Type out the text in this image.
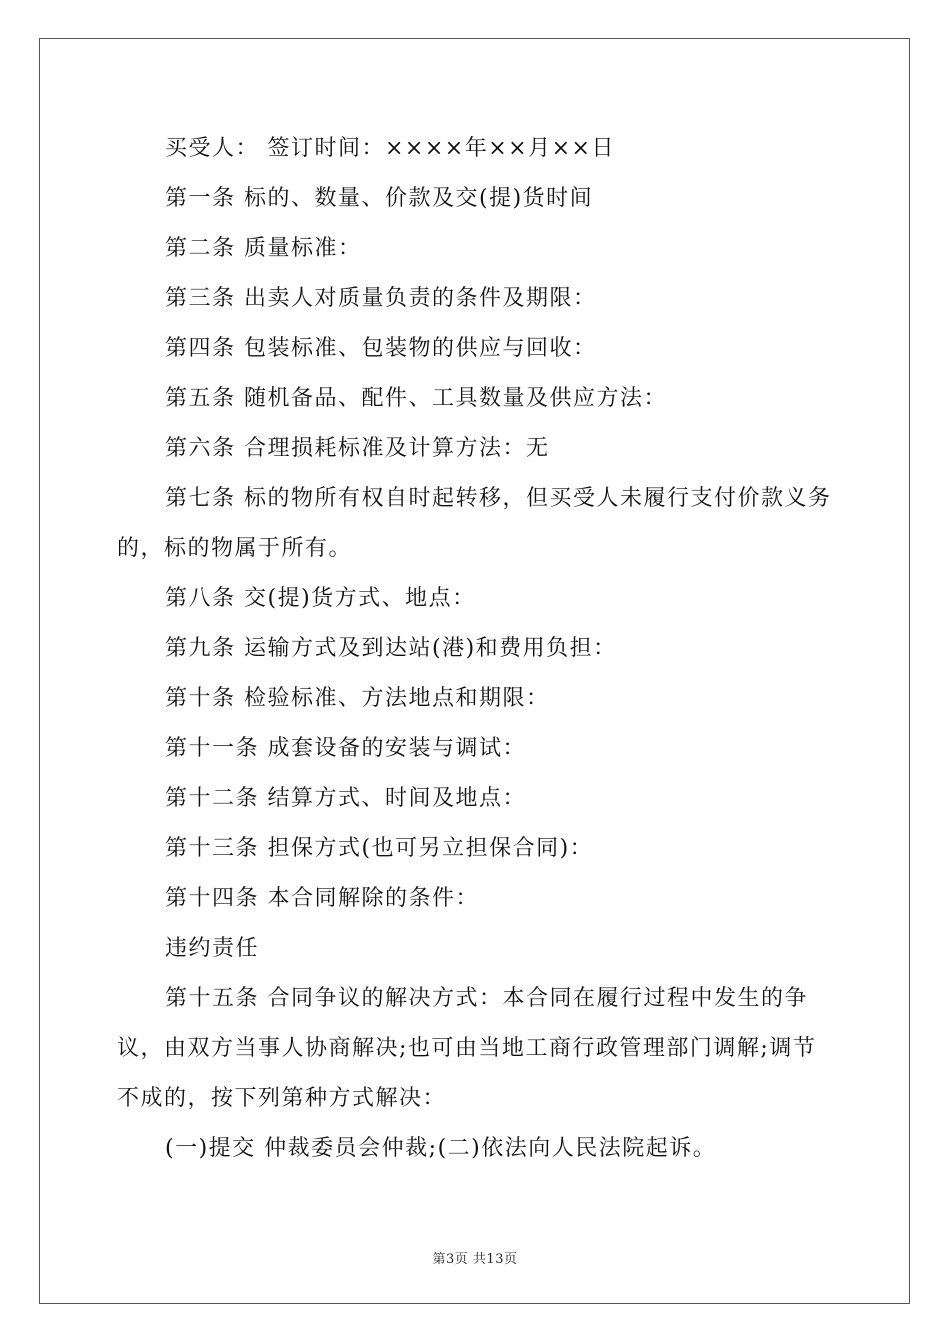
买受人： 签订时间：××××年××月××日

第一条 标的、数量、价款及交(提)货时间

第二条 质量标准：

第三条 出卖人对质量负责的条件及期限：

第四条 包装标准、包装物的供应与回收：

第五条 随机备品、配件、工具数量及供应方法：

第六条 合理损耗标准及计算方法：无

第七条 标的物所有权自时起转移，但买受人未履行支付价款义务的，标的物属于所有。

第八条 交(提)货方式、地点：

第九条 运输方式及到达站(港)和费用负担：

第十条 检验标准、方法地点和期限：

第十一条 成套设备的安装与调试：

第十二条 结算方式、时间及地点：

第十三条 担保方式(也可另立担保合同)：

第十四条 本合同解除的条件：

违约责任

第十五条 合同争议的解决方式：本合同在履行过程中发生的争议，由双方当事人协商解决;也可由当地工商行政管理部门调解;调节不成的，按下列第种方式解决：

(一)提交 仲裁委员会仲裁;(二)依法向人民法院起诉。

第3页 共13页
